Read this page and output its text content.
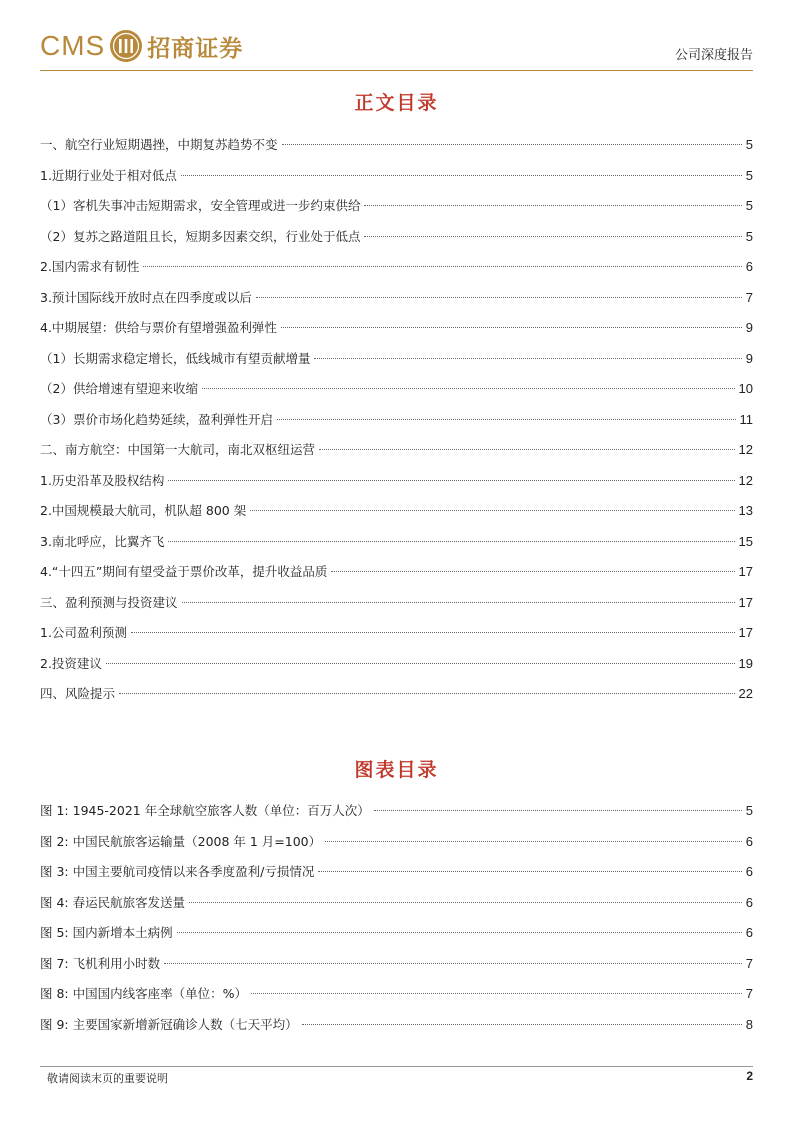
CMS 招商证券	公司深度报告
正文目录
一、航空行业短期遇挫，中期复苏趋势不变	5
1.近期行业处于相对低点	5
（1）客机失事冲击短期需求，安全管理或进一步约束供给	5
（2）复苏之路道阻且长，短期多因素交织，行业处于低点	5
2.国内需求有韧性	6
3.预计国际线开放时点在四季度或以后	7
4.中期展望：供给与票价有望增强盈利弹性	9
（1）长期需求稳定增长，低线城市有望贡献增量	9
（2）供给增速有望迎来收缩	10
（3）票价市场化趋势延续，盈利弹性开启	11
二、南方航空：中国第一大航司，南北双枢纽运营	12
1.历史沿革及股权结构	12
2.中国规模最大航司，机队超 800 架	13
3.南北呼应，比翼齐飞	15
4.“十四五”期间有望受益于票价改革，提升收益品质	17
三、盈利预测与投资建议	17
1.公司盈利预测	17
2.投资建议	19
四、风险提示	22
图表目录
图 1: 1945-2021 年全球航空旅客人数（单位：百万人次）	5
图 2: 中国民航旅客运输量（2008 年 1 月=100）	6
图 3: 中国主要航司疫情以来各季度盈利/亏损情况	6
图 4: 春运民航旅客发送量	6
图 5: 国内新增本土病例	6
图 7: 飞机利用小时数	7
图 8: 中国国内线客座率（单位：%）	7
图 9: 主要国家新增新冠确诊人数（七天平均）	8
敬请阅读末页的重要说明	2
